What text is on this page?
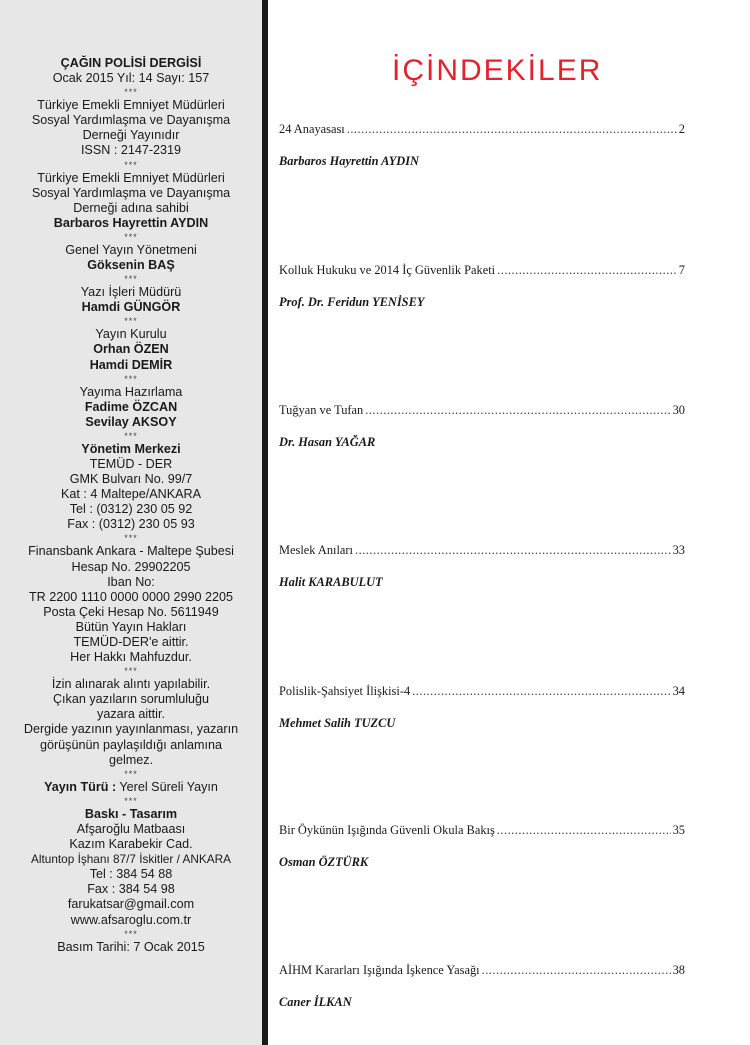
ÇAĞIN POLİSİ DERGİSİ
Ocak 2015 Yıl: 14 Sayı: 157
***
Türkiye Emekli Emniyet Müdürleri
Sosyal Yardımlaşma ve Dayanışma
Derneği Yayınıdır
ISSN : 2147-2319
***
Türkiye Emekli Emniyet Müdürleri
Sosyal Yardımlaşma ve Dayanışma
Derneği adına sahibi
Barbaros Hayrettin AYDIN
***
Genel Yayın Yönetmeni
Göksenin BAŞ
***
Yazı İşleri Müdürü
Hamdi GÜNGÖR
***
Yayın Kurulu
Orhan ÖZEN
Hamdi DEMİR
***
Yayıma Hazırlama
Fadime ÖZCAN
Sevilay AKSOY
***
Yönetim Merkezi
TEMÜD - DER
GMK Bulvarı No. 99/7
Kat : 4 Maltepe/ANKARA
Tel : (0312) 230 05 92
Fax : (0312) 230 05 93
***
Finansbank Ankara - Maltepe Şubesi
Hesap No. 29902205
Iban No:
TR 2200 1110 0000 0000 2990 2205
Posta Çeki Hesap No. 5611949
Bütün Yayın Hakları
TEMÜD-DER'e aittir.
Her Hakkı Mahfuzdur.
***
İzin alınarak alıntı yapılabilir.
Çıkan yazıların sorumluluğu
yazara aittir.
Dergide yazının yayınlanması, yazarın
görüşünün paylaşıldığı anlamına
gelmez.
***
Yayın Türü : Yerel Süreli Yayın
***
Baskı - Tasarım
Afşaroğlu Matbaası
Kazım Karabekir Cad.
Altuntop İşhanı 87/7 İskitler / ANKARA
Tel : 384 54 88
Fax : 384 54 98
farukatsar@gmail.com
www.afsaroglu.com.tr
***
Basım Tarihi: 7 Ocak 2015
İÇİNDEKİLER
24 Anayasası .....	2
Barbaros Hayrettin AYDIN
Kolluk Hukuku ve 2014 İç Güvenlik Paketi .....	7
Prof. Dr. Feridun YENİSEY
Tuğyan ve Tufan .....	30
Dr. Hasan YAĞAR
Meslek Anıları .....	33
Halit KARABULUT
Polislik-Şahsiyet İlişkisi-4 .....	34
Mehmet Salih TUZCU
Bir Öykünün Işığında Güvenli Okula Bakış .....	35
Osman ÖZTÜRK
AİHM Kararları Işığında İşkence Yasağı .....	38
Caner İLKAN
